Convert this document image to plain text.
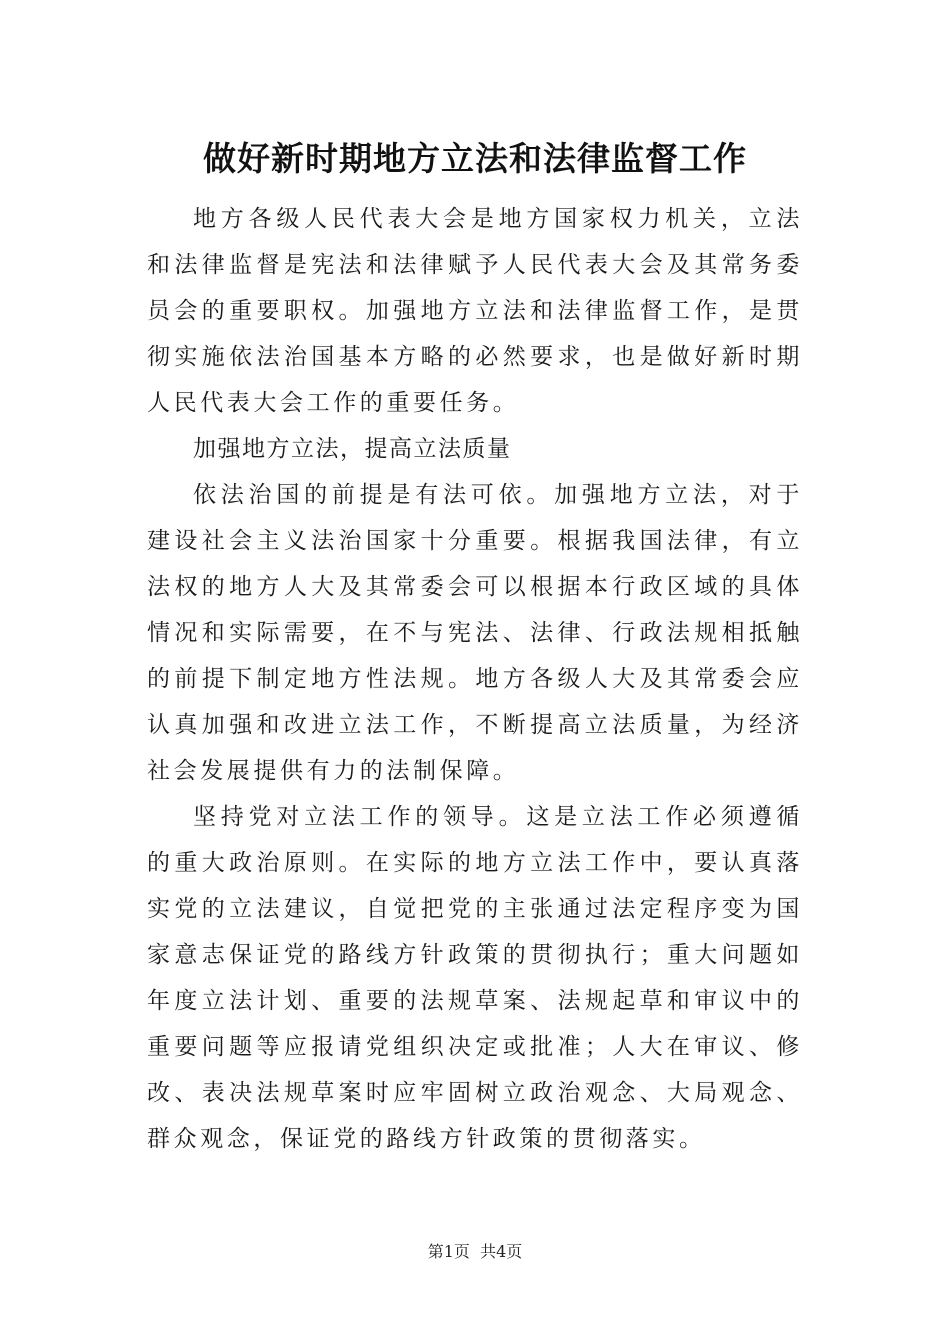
做好新时期地方立法和法律监督工作

地方各级人民代表大会是地方国家权力机关，立法和法律监督是宪法和法律赋予人民代表大会及其常务委员会的重要职权。加强地方立法和法律监督工作，是贯彻实施依法治国基本方略的必然要求，也是做好新时期人民代表大会工作的重要任务。

加强地方立法，提高立法质量

依法治国的前提是有法可依。加强地方立法，对于建设社会主义法治国家十分重要。根据我国法律，有立法权的地方人大及其常委会可以根据本行政区域的具体情况和实际需要，在不与宪法、法律、行政法规相抵触的前提下制定地方性法规。地方各级人大及其常委会应认真加强和改进立法工作，不断提高立法质量，为经济社会发展提供有力的法制保障。

坚持党对立法工作的领导。这是立法工作必须遵循的重大政治原则。在实际的地方立法工作中，要认真落实党的立法建议，自觉把党的主张通过法定程序变为国家意志保证党的路线方针政策的贯彻执行；重大问题如年度立法计划、重要的法规草案、法规起草和审议中的重要问题等应报请党组织决定或批准；人大在审议、修改、表决法规草案时应牢固树立政治观念、大局观念、群众观念，保证党的路线方针政策的贯彻落实。

第1页  共4页
